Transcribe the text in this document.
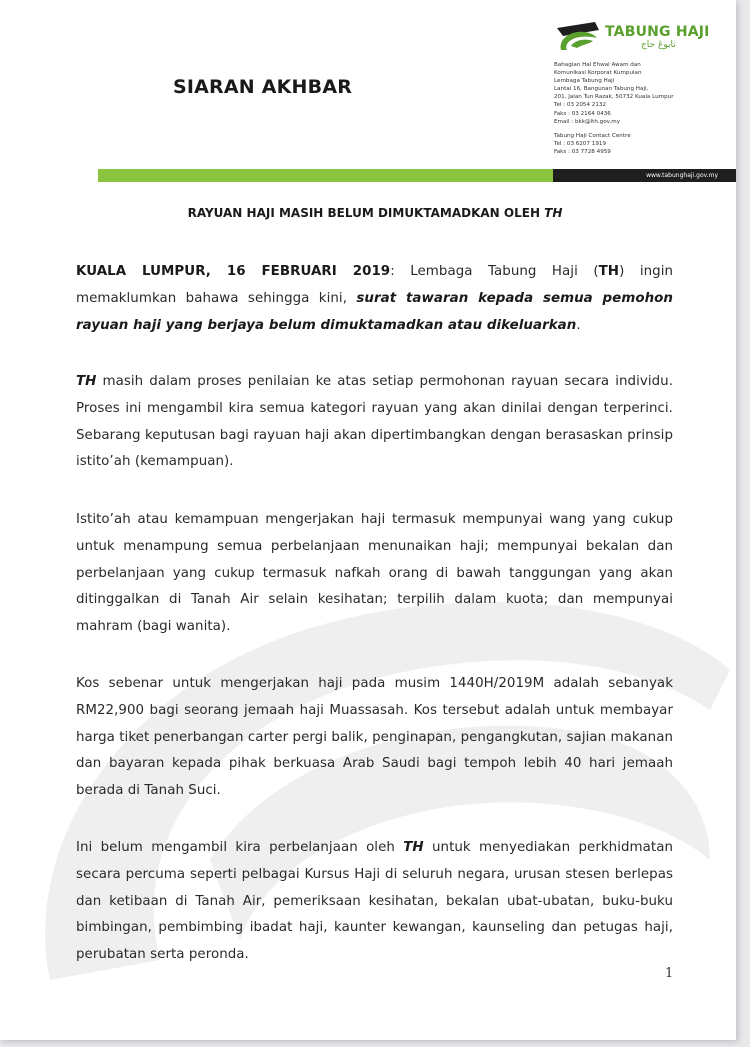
SIARAN AKHBAR
TABUNG HAJI
تابوڠ حاج
Bahagian Hal Ehwal Awam dan
Komunikasi Korporat Kumpulan
Lembaga Tabung Haji
Lantai 16, Bangunan Tabung Haji,
201, Jalan Tun Razak, 50732 Kuala Lumpur
Tel : 03 2054 2132
Faks : 03 2164 0436
Email : bkk@lth.gov.my
Tabung Haji Contact Centre
Tel : 03 6207 1919
Faks : 03 7728 4959
www.tabunghaji.gov.my
RAYUAN HAJI MASIH BELUM DIMUKTAMADKAN OLEH TH
KUALA LUMPUR, 16 FEBRUARI 2019: Lembaga Tabung Haji (TH) ingin memaklumkan bahawa sehingga kini, surat tawaran kepada semua pemohon rayuan haji yang berjaya belum dimuktamadkan atau dikeluarkan.
TH masih dalam proses penilaian ke atas setiap permohonan rayuan secara individu. Proses ini mengambil kira semua kategori rayuan yang akan dinilai dengan terperinci. Sebarang keputusan bagi rayuan haji akan dipertimbangkan dengan berasaskan prinsip istito’ah (kemampuan).
Istito’ah atau kemampuan mengerjakan haji termasuk mempunyai wang yang cukup untuk menampung semua perbelanjaan menunaikan haji; mempunyai bekalan dan perbelanjaan yang cukup termasuk nafkah orang di bawah tanggungan yang akan ditinggalkan di Tanah Air selain kesihatan; terpilih dalam kuota; dan mempunyai mahram (bagi wanita).
Kos sebenar untuk mengerjakan haji pada musim 1440H/2019M adalah sebanyak RM22,900 bagi seorang jemaah haji Muassasah. Kos tersebut adalah untuk membayar harga tiket penerbangan carter pergi balik, penginapan, pengangkutan, sajian makanan dan bayaran kepada pihak berkuasa Arab Saudi bagi tempoh lebih 40 hari jemaah berada di Tanah Suci.
Ini belum mengambil kira perbelanjaan oleh TH untuk menyediakan perkhidmatan secara percuma seperti pelbagai Kursus Haji di seluruh negara, urusan stesen berlepas dan ketibaan di Tanah Air, pemeriksaan kesihatan, bekalan ubat-ubatan, buku-buku bimbingan, pembimbing ibadat haji, kaunter kewangan, kaunseling dan petugas haji, perubatan serta peronda.
1
